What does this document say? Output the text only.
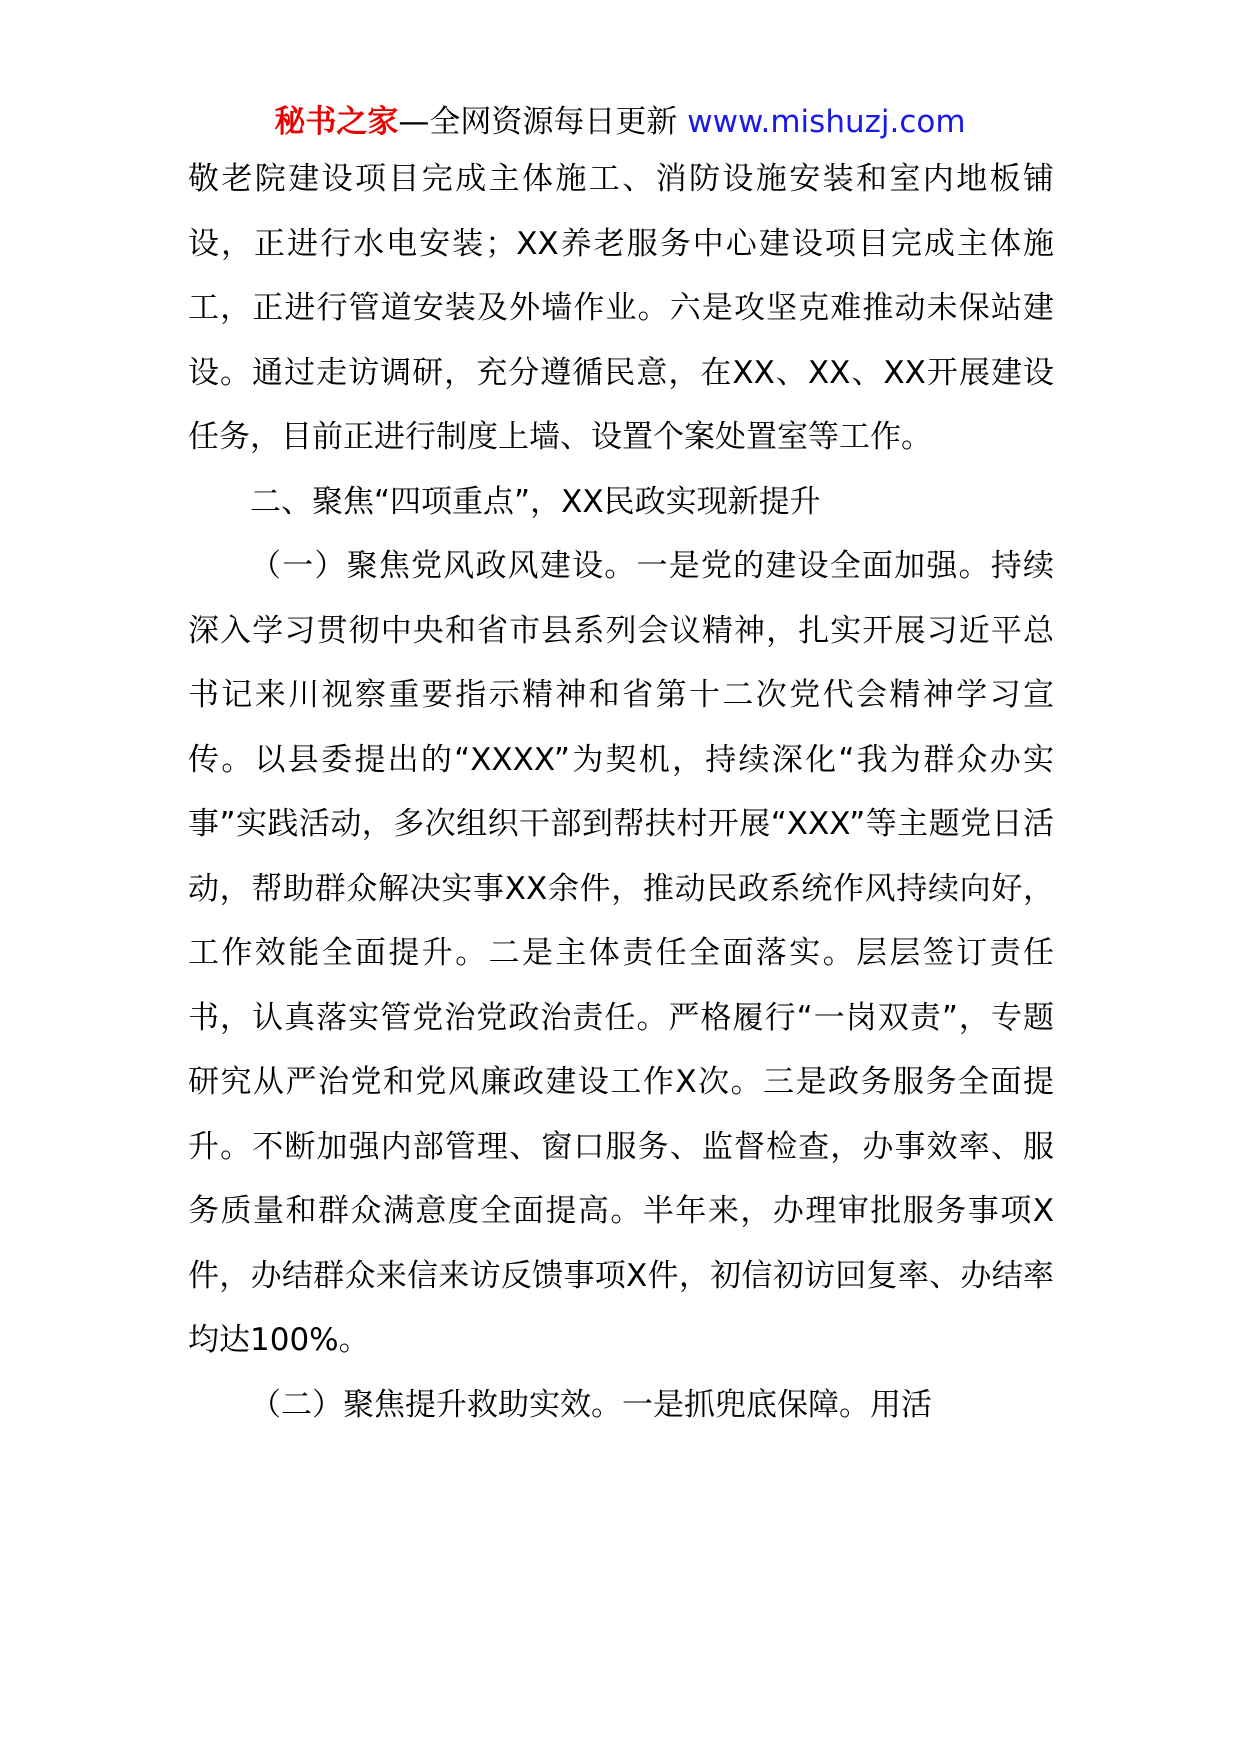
秘书之家—全网资源每日更新 www.mishuzj.com

敬老院建设项目完成主体施工、消防设施安装和室内地板铺设，正进行水电安装；XX养老服务中心建设项目完成主体施工，正进行管道安装及外墙作业。六是攻坚克难推动未保站建设。通过走访调研，充分遵循民意，在XX、XX、XX开展建设任务，目前正进行制度上墙、设置个案处置室等工作。

二、聚焦“四项重点”，XX民政实现新提升

（一）聚焦党风政风建设。一是党的建设全面加强。持续深入学习贯彻中央和省市县系列会议精神，扎实开展习近平总书记来川视察重要指示精神和省第十二次党代会精神学习宣传。以县委提出的“XXXX”为契机，持续深化“我为群众办实事”实践活动，多次组织干部到帮扶村开展“XXX”等主题党日活动，帮助群众解决实事XX余件，推动民政系统作风持续向好，工作效能全面提升。二是主体责任全面落实。层层签订责任书，认真落实管党治党政治责任。严格履行“一岗双责”，专题研究从严治党和党风廉政建设工作X次。三是政务服务全面提升。不断加强内部管理、窗口服务、监督检查，办事效率、服务质量和群众满意度全面提高。半年来，办理审批服务事项X件，办结群众来信来访反馈事项X件，初信初访回复率、办结率均达100%。

（二）聚焦提升救助实效。一是抓兜底保障。用活
